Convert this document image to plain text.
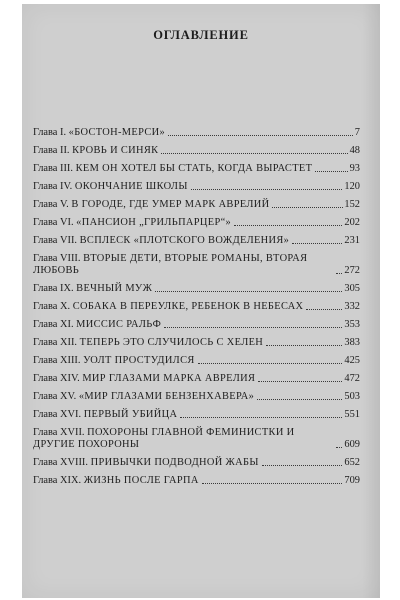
ОГЛАВЛЕНИЕ
Глава I. «БОСТОН-МЕРСИ»	7
Глава II. КРОВЬ И СИНЯК	48
Глава III. КЕМ ОН ХОТЕЛ БЫ СТАТЬ, КОГДА ВЫРАСТЕТ	93
Глава IV. ОКОНЧАНИЕ ШКОЛЫ	120
Глава V. В ГОРОДЕ, ГДЕ УМЕР МАРК АВРЕЛИЙ	152
Глава VI. «ПАНСИОН „ГРИЛЬПАРЦЕР“»	202
Глава VII. ВСПЛЕСК «ПЛОТСКОГО ВОЖДЕЛЕНИЯ»	231
Глава VIII. ВТОРЫЕ ДЕТИ, ВТОРЫЕ РОМАНЫ, ВТОРАЯ ЛЮБОВЬ	272
Глава IX. ВЕЧНЫЙ МУЖ	305
Глава X. СОБАКА В ПЕРЕУЛКЕ, РЕБЕНОК В НЕБЕСАХ	332
Глава XI. МИССИС РАЛЬФ	353
Глава XII. ТЕПЕРЬ ЭТО СЛУЧИЛОСЬ С ХЕЛЕН	383
Глава XIII. УОЛТ ПРОСТУДИЛСЯ	425
Глава XIV. МИР ГЛАЗАМИ МАРКА АВРЕЛИЯ	472
Глава XV. «МИР ГЛАЗАМИ БЕНЗЕНХАВЕРА»	503
Глава XVI. ПЕРВЫЙ УБИЙЦА	551
Глава XVII. ПОХОРОНЫ ГЛАВНОЙ ФЕМИНИСТКИ И ДРУГИЕ ПОХОРОНЫ	609
Глава XVIII. ПРИВЫЧКИ ПОДВОДНОЙ ЖАБЫ	652
Глава XIX. ЖИЗНЬ ПОСЛЕ ГАРПА	709
